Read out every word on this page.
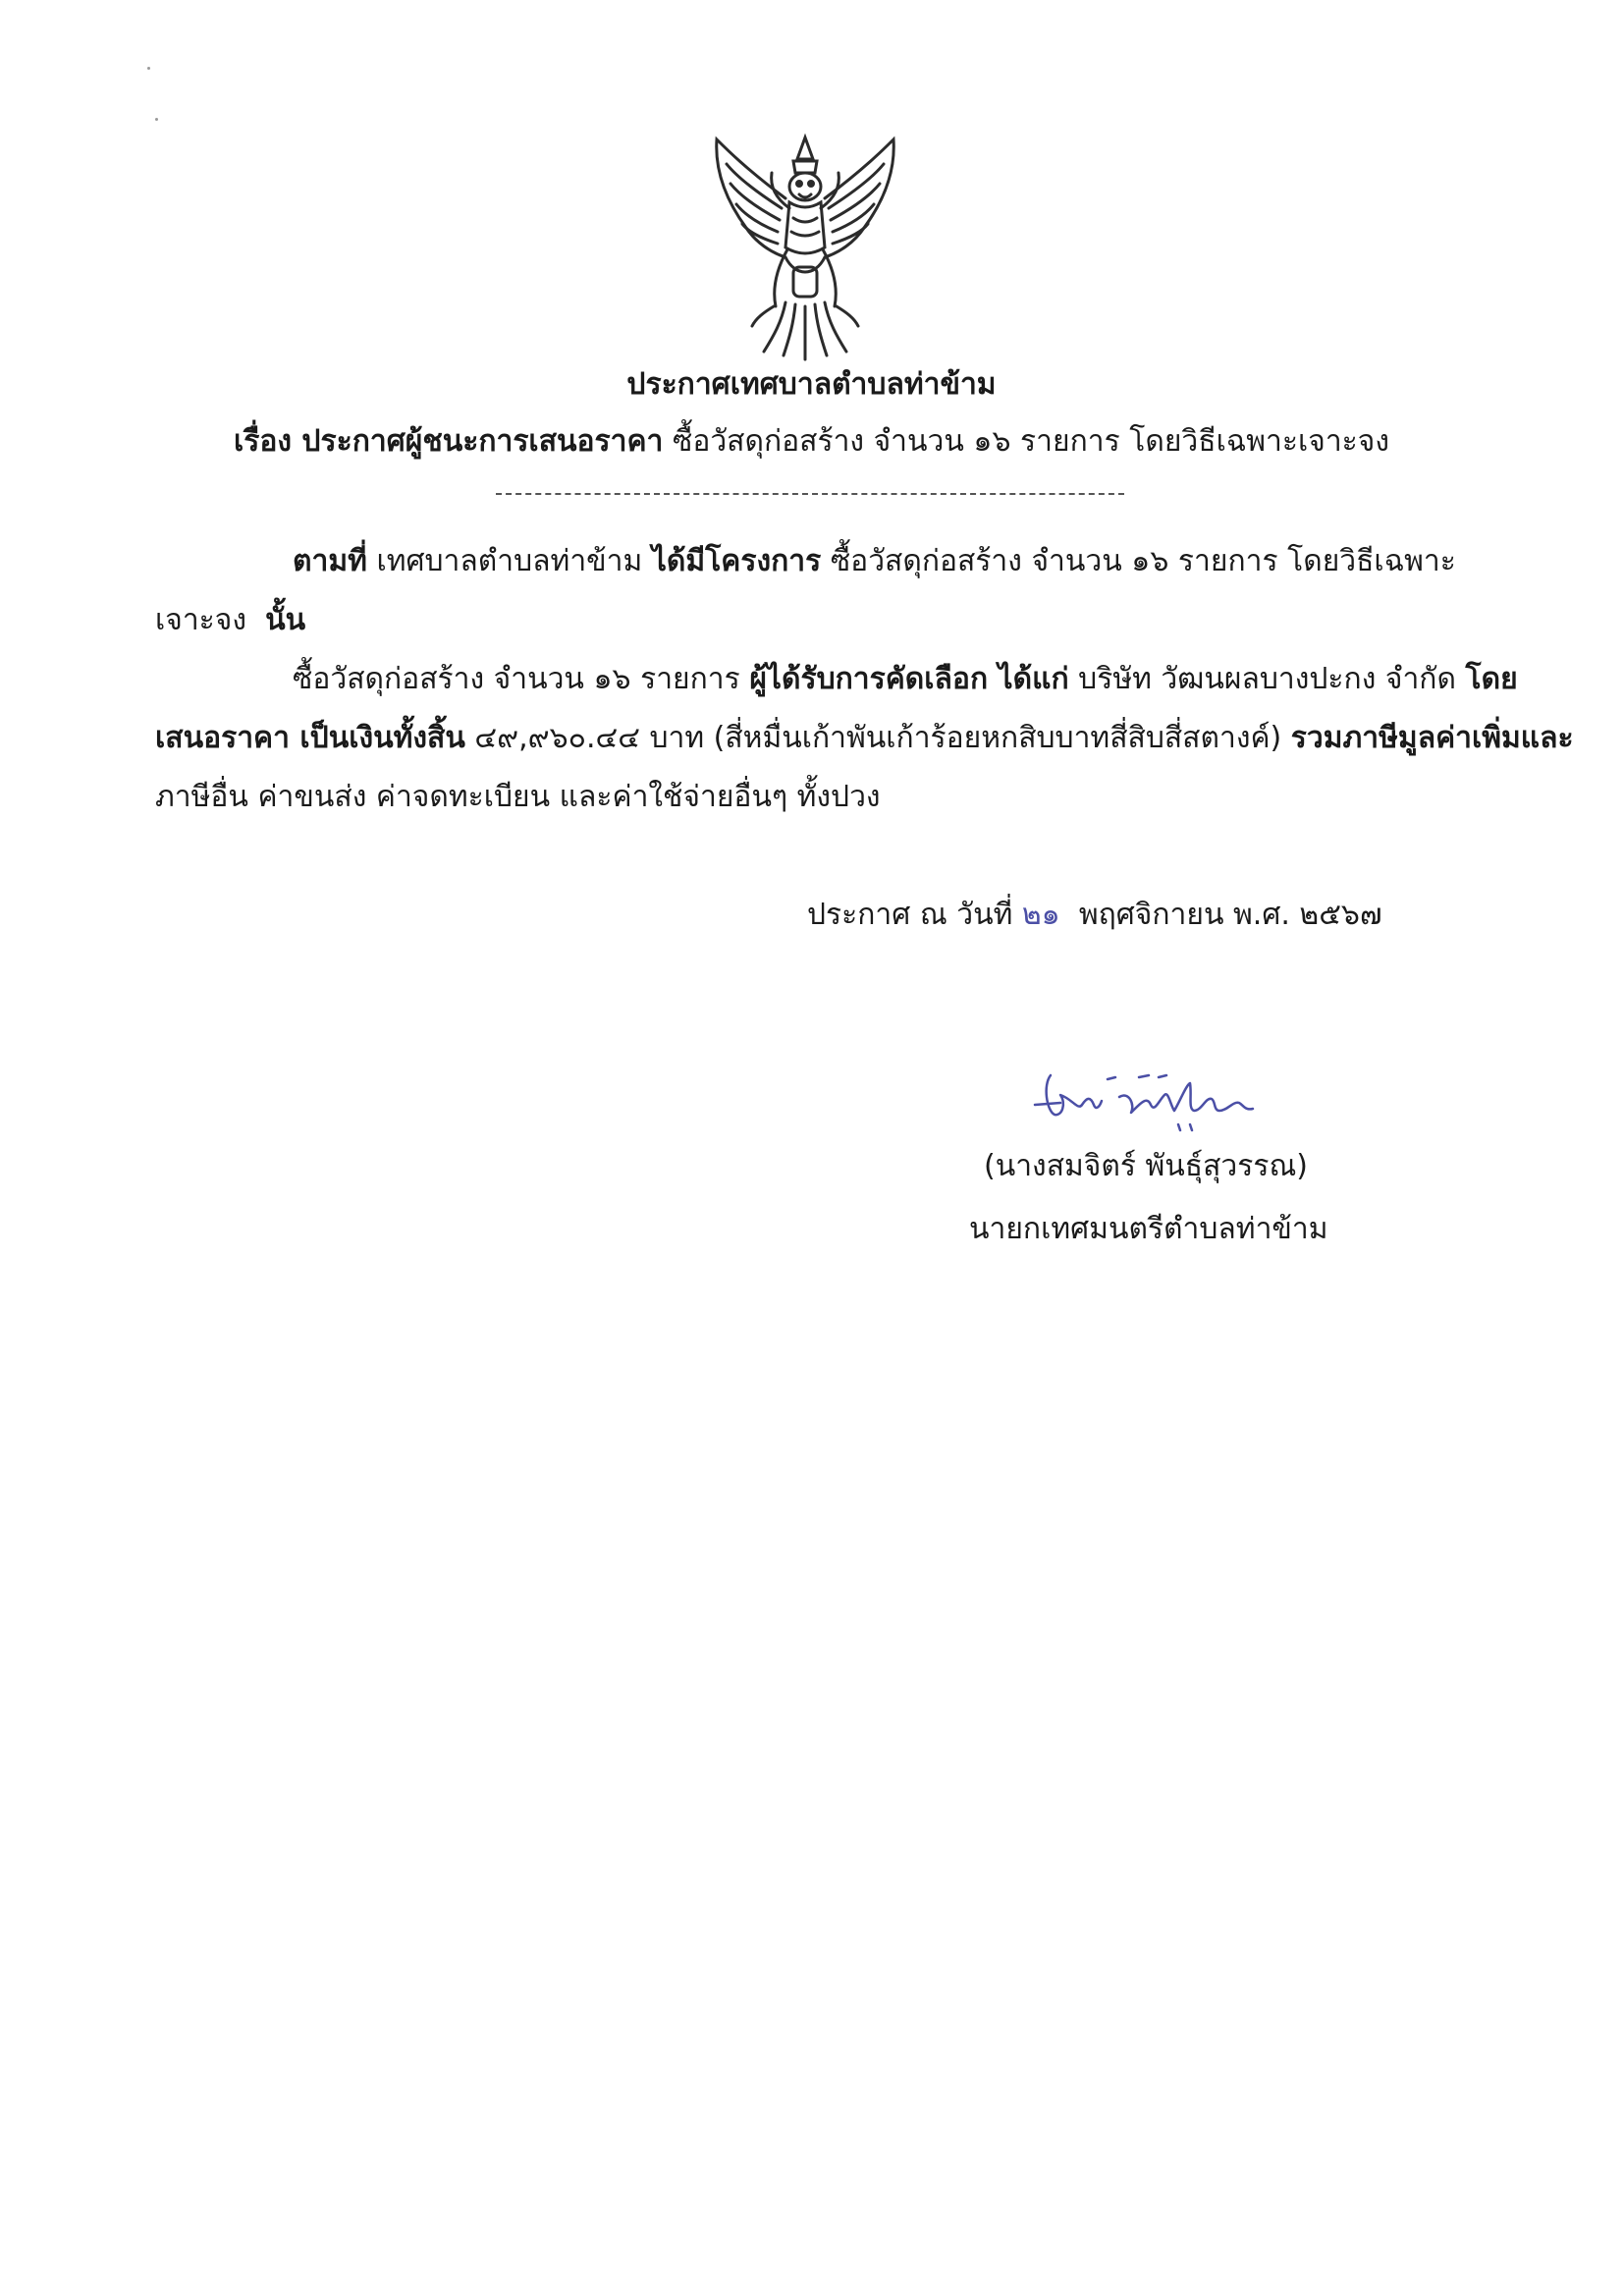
ประกาศเทศบาลตำบลท่าข้าม
เรื่อง ประกาศผู้ชนะการเสนอราคา ซื้อวัสดุก่อสร้าง จำนวน ๑๖ รายการ โดยวิธีเฉพาะเจาะจง
ตามที่ เทศบาลตำบลท่าข้าม ได้มีโครงการ ซื้อวัสดุก่อสร้าง จำนวน ๑๖ รายการ โดยวิธีเฉพาะ
เจาะจง นั้น
ซื้อวัสดุก่อสร้าง จำนวน ๑๖ รายการ ผู้ได้รับการคัดเลือก ได้แก่ บริษัท วัฒนผลบางปะกง จำกัด โดย
เสนอราคา เป็นเงินทั้งสิ้น ๔๙,๙๖๐.๔๔ บาท (สี่หมื่นเก้าพันเก้าร้อยหกสิบบาทสี่สิบสี่สตางค์) รวมภาษีมูลค่าเพิ่มและ
ภาษีอื่น ค่าขนส่ง ค่าจดทะเบียน และค่าใช้จ่ายอื่นๆ ทั้งปวง
ประกาศ ณ วันที่ ๒๑ พฤศจิกายน พ.ศ. ๒๕๖๗
(นางสมจิตร์ พันธุ์สุวรรณ)
นายกเทศมนตรีตำบลท่าข้าม
